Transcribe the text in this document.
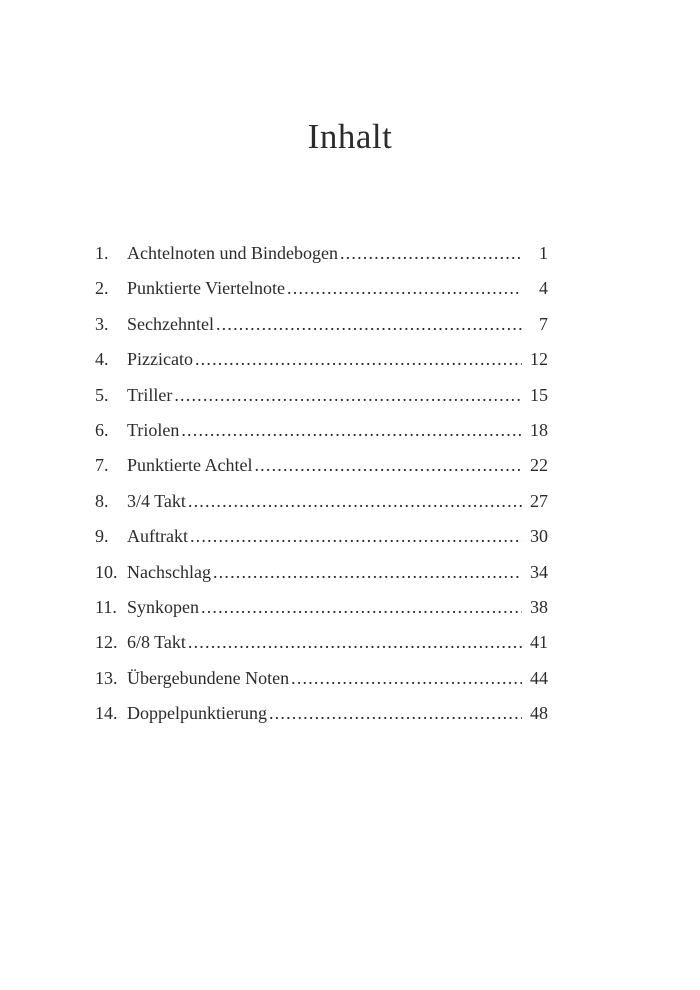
Inhalt
1.	Achtelnoten und Bindebogen .....	1
2.	Punktierte Viertelnote .....	4
3.	Sechzehntel .....	7
4.	Pizzicato .....	12
5.	Triller .....	15
6.	Triolen .....	18
7.	Punktierte Achtel .....	22
8.	3/4 Takt .....	27
9.	Auftrakt .....	30
10. Nachschlag .....	34
11. Synkopen .....	38
12. 6/8 Takt .....	41
13. Übergebundene Noten .....	44
14. Doppelpunktierung .....	48
